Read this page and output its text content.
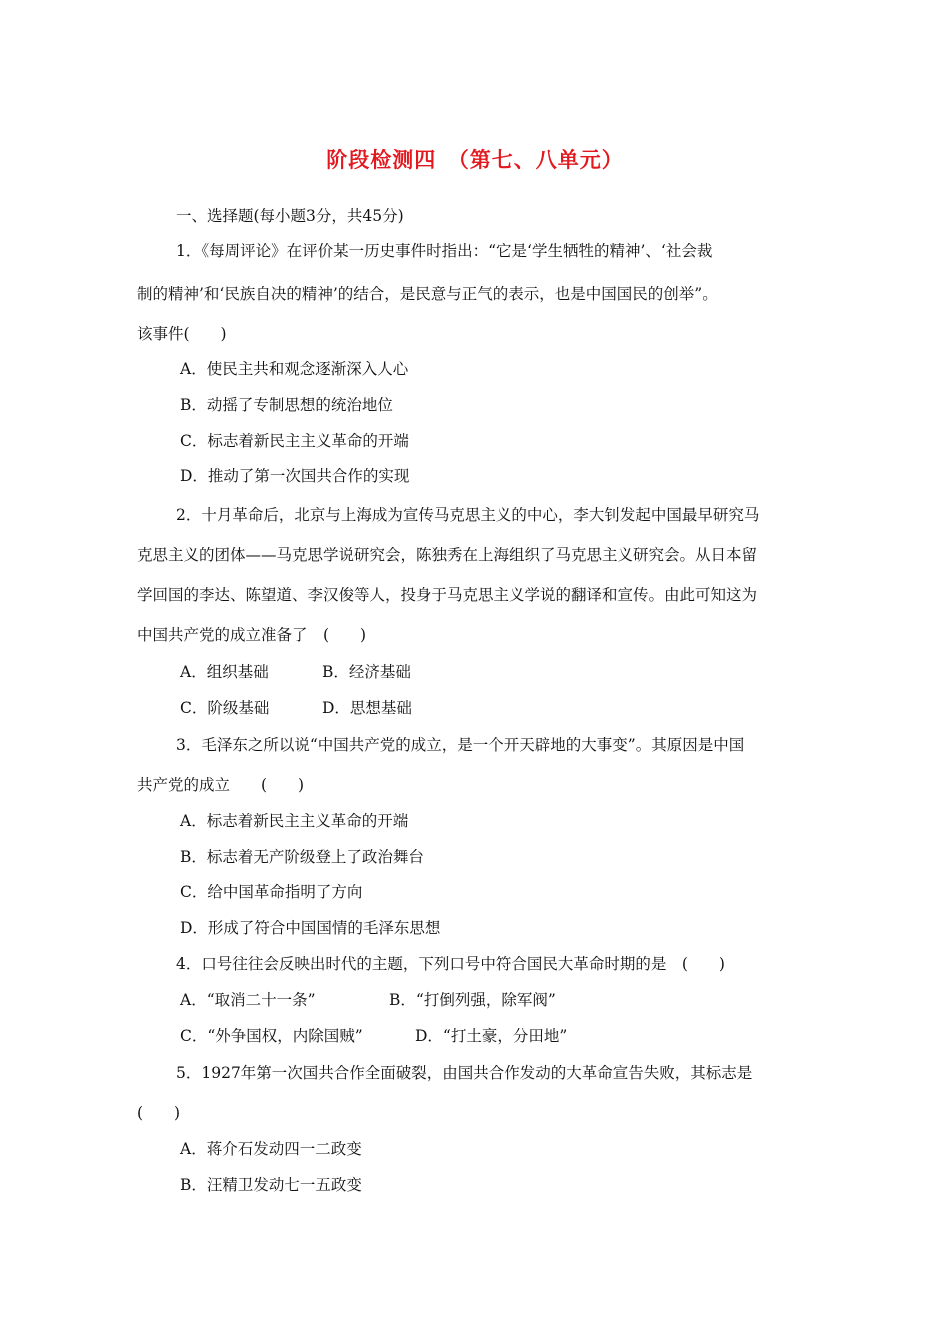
阶段检测四　（第七、八单元）
一、选择题(每小题3分，共45分)
1．《每周评论》在评价某一历史事件时指出：“它是‘学生牺牲的精神’、‘社会裁
制的精神’和‘民族自决的精神’的结合，是民意与正气的表示，也是中国国民的创举”。
该事件(　　)
A．使民主共和观念逐渐深入人心
B．动摇了专制思想的统治地位
C．标志着新民主主义革命的开端
D．推动了第一次国共合作的实现
2．十月革命后，北京与上海成为宣传马克思主义的中心，李大钊发起中国最早研究马
克思主义的团体——马克思学说研究会，陈独秀在上海组织了马克思主义研究会。从日本留
学回国的李达、陈望道、李汉俊等人，投身于马克思主义学说的翻译和宣传。由此可知这为
中国共产党的成立准备了　(　　)
A．组织基础	B．经济基础
C．阶级基础	D．思想基础
3．毛泽东之所以说“中国共产党的成立，是一个开天辟地的大事变”。其原因是中国
共产党的成立　　(　　)
A．标志着新民主主义革命的开端
B．标志着无产阶级登上了政治舞台
C．给中国革命指明了方向
D．形成了符合中国国情的毛泽东思想
4．口号往往会反映出时代的主题，下列口号中符合国民大革命时期的是　(　　)
A．“取消二十一条”	B．“打倒列强，除军阀”
C．“外争国权，内除国贼”	D．“打土豪，分田地”
5．1927年第一次国共合作全面破裂，由国共合作发动的大革命宣告失败，其标志是
(　　)
A．蒋介石发动四一二政变
B．汪精卫发动七一五政变
